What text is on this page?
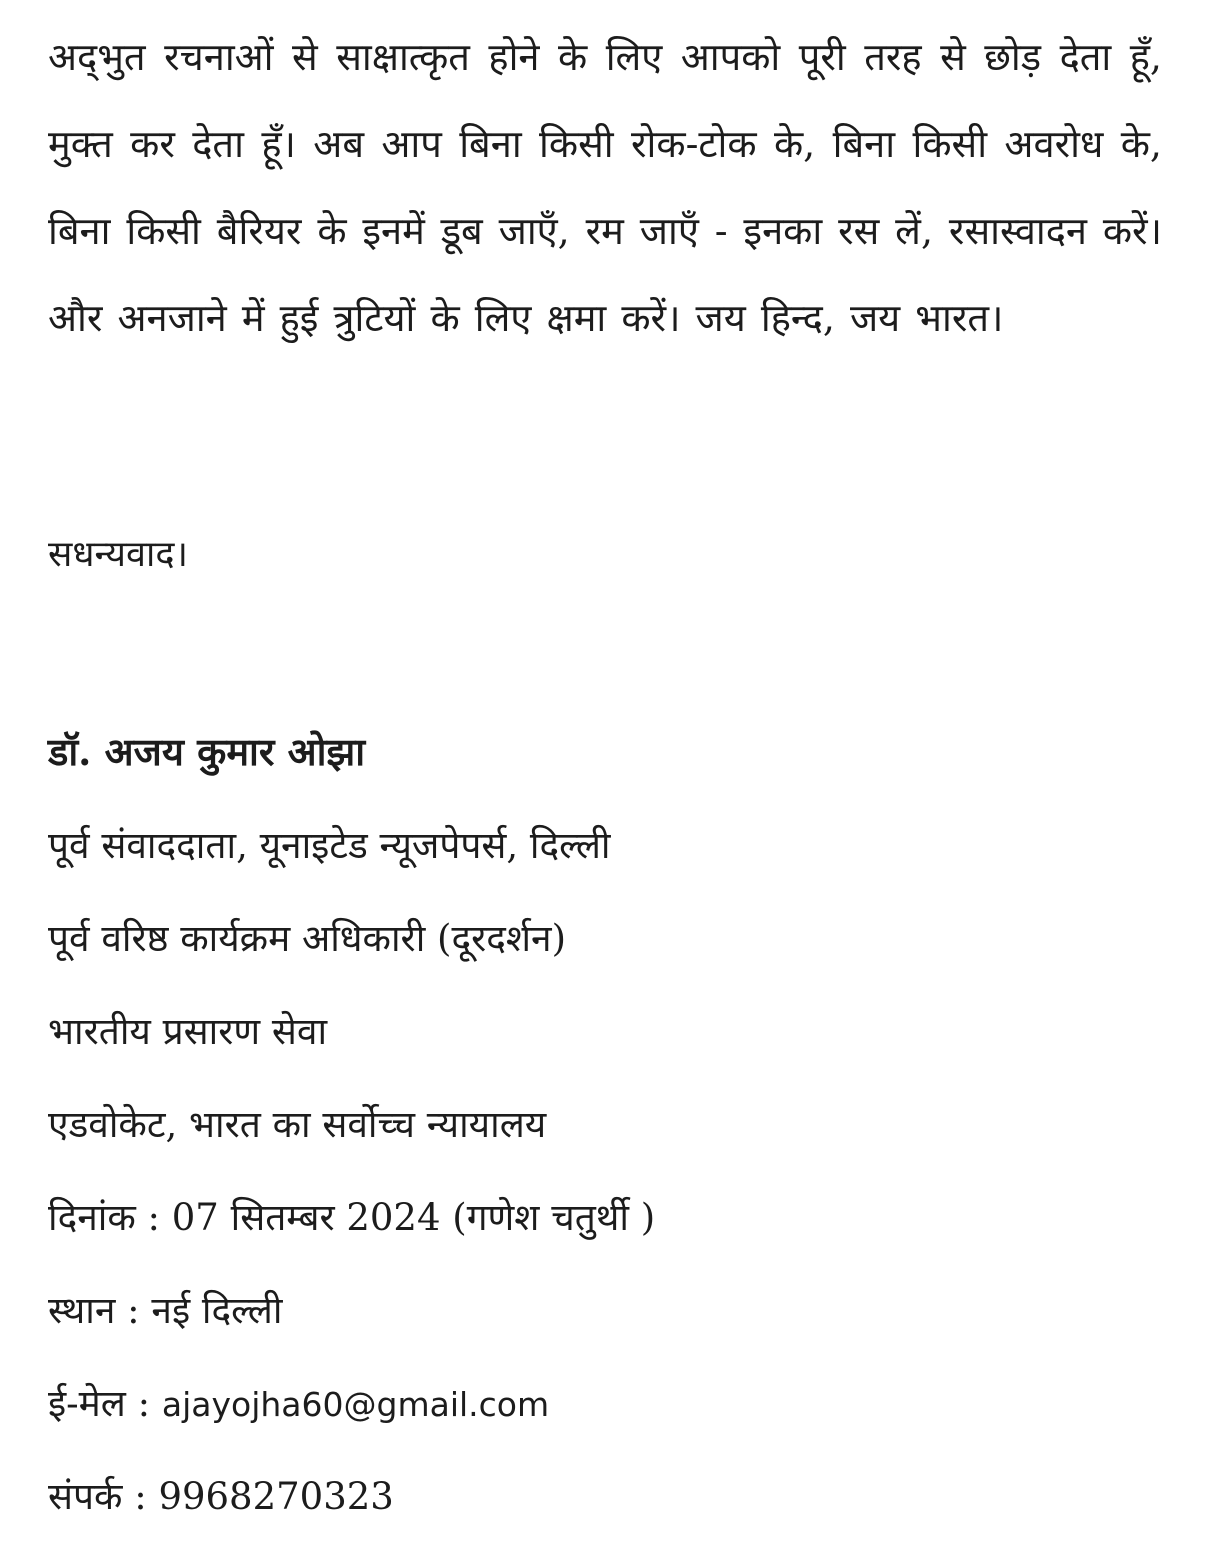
अद्‌भुत रचनाओं से साक्षात्कृत होने के लिए आपको पूरी तरह से छोड़ देता हूँ, मुक्त कर देता हूँ। अब आप बिना किसी रोक-टोक के, बिना किसी अवरोध के, बिना किसी बैरियर के इनमें डूब जाएँ, रम जाएँ - इनका रस लें, रसास्वादन करें। और अनजाने में हुई त्रुटियों के लिए क्षमा करें। जय हिन्द, जय भारत।

सधन्यवाद।

डॉ. अजय कुमार ओझा

पूर्व संवाददाता, यूनाइटेड न्यूजपेपर्स, दिल्ली

पूर्व वरिष्ठ कार्यक्रम अधिकारी (दूरदर्शन)

भारतीय प्रसारण सेवा

एडवोकेट, भारत का सर्वोच्च न्यायालय

दिनांक : 07 सितम्बर 2024 (गणेश चतुर्थी )

स्थान : नई दिल्ली

ई-मेल : ajayojha60@gmail.com

संपर्क : 9968270323
